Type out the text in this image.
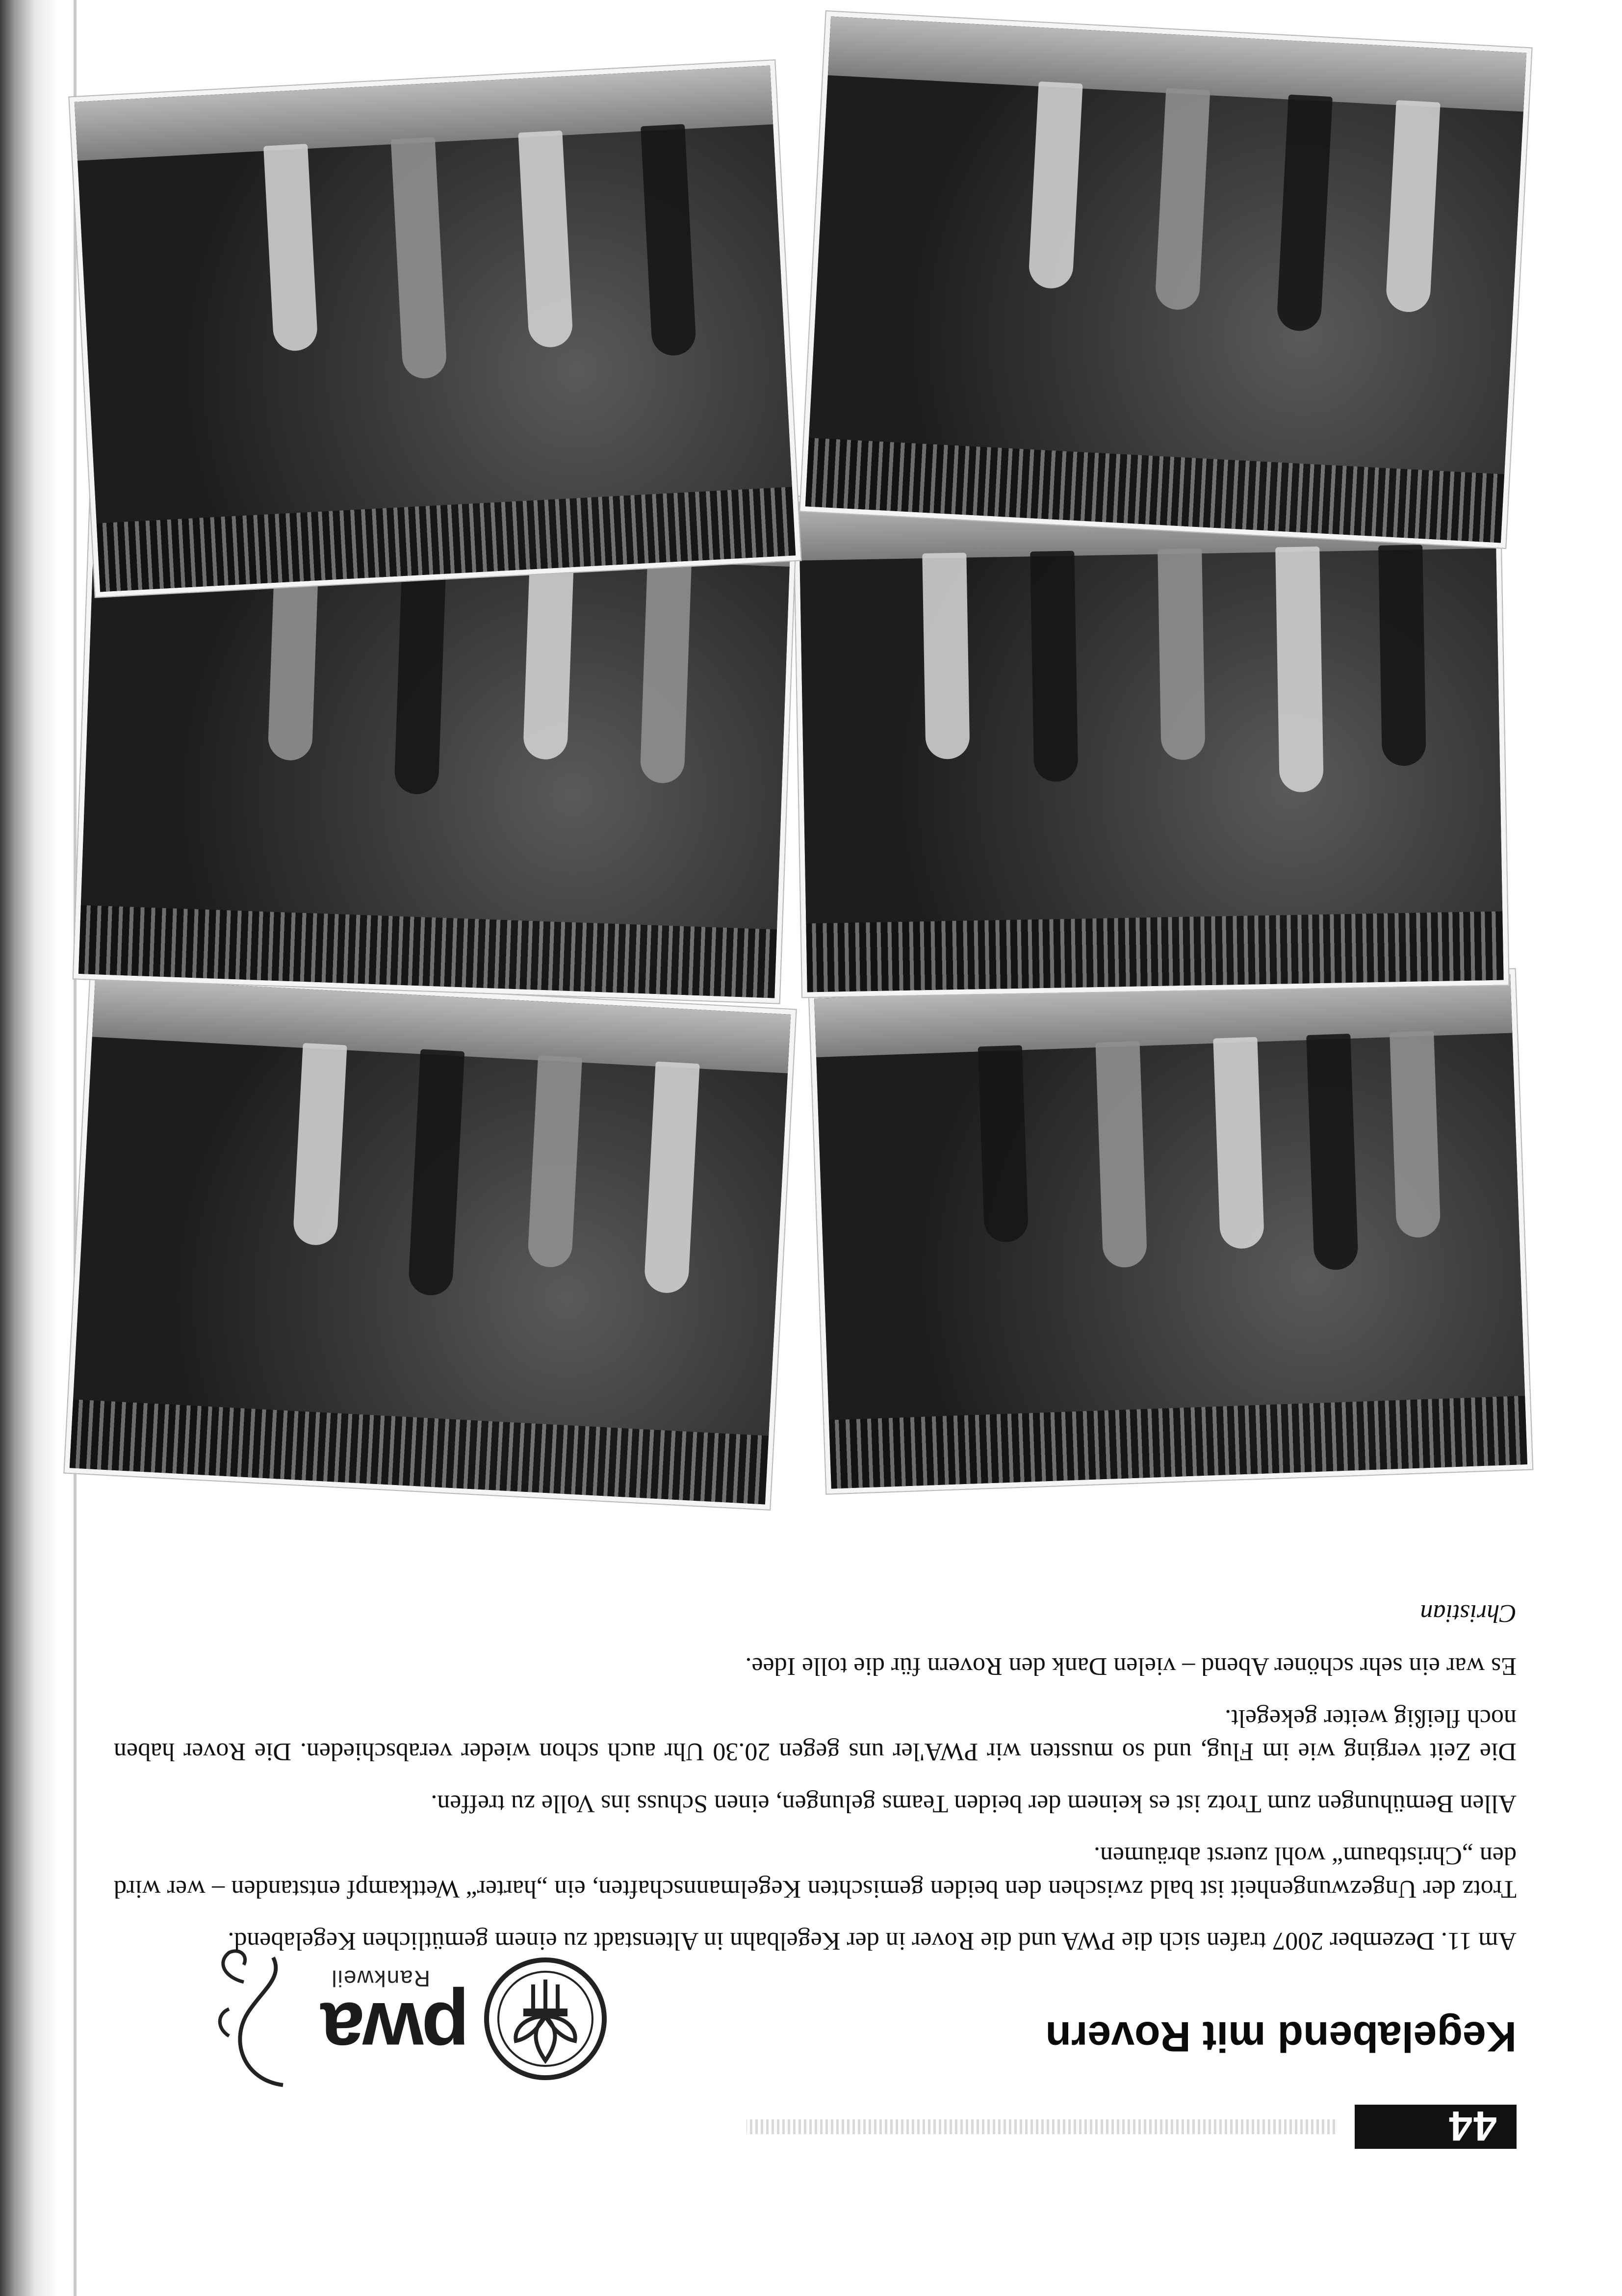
44
pwa
Rankweil
Kegelabend mit Rovern

Am 11. Dezember 2007 trafen sich die PWA und die Rover in der Kegelbahn in Altenstadt zu einem gemütlichen Kegelabend.

Trotz der Ungezwungenheit ist bald zwischen den beiden gemischten Kegelmannschaften, ein „harter“ Wettkampf entstanden – wer wird den „Christbaum“ wohl zuerst abräumen.

Allen Bemühungen zum Trotz ist es keinem der beiden Teams gelungen, einen Schuss ins Volle zu treffen.

Die Zeit verging wie im Flug, und so mussten wir PWA'ler uns gegen 20.30 Uhr auch schon wieder verabschieden. Die Rover haben noch fleißig weiter gekegelt.

Es war ein sehr schöner Abend – vielen Dank den Rovern für die tolle Idee.

Christian
